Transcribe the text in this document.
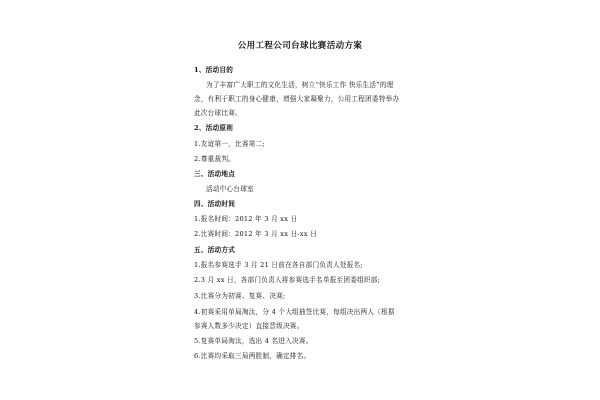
公用工程公司台球比赛活动方案
1、活动目的
为了丰富广大职工的文化生活，树立“快乐工作 快乐生活”的理
念，有利于职工的身心健康，增强大家凝聚力，公用工程团委特举办
此次台球比赛。
2、活动原则
1.友谊第一，比赛第二;
2.尊重裁判。
三、活动地点
活动中心台球室
四、活动时间
1.报名时间：2012 年 3 月 xx 日
2.比赛时间：2012 年 3 月 xx 日-xx 日
五、活动方式
1.报名参赛选手 3 月 21 日前在各自部门负责人处报名;
2.3 月 xx 日，各部门负责人将参赛选手名单报至团委组织部;
3.比赛分为初赛、复赛、决赛;
4.初赛采用单局淘汰，分 4 个大组抽签比赛，每组决出两人（根据
参赛人数多少决定）直接晋级决赛。
5.复赛单局淘汰，选出 4 名进入决赛。
6.比赛均采取三局两胜制，确定排名。
